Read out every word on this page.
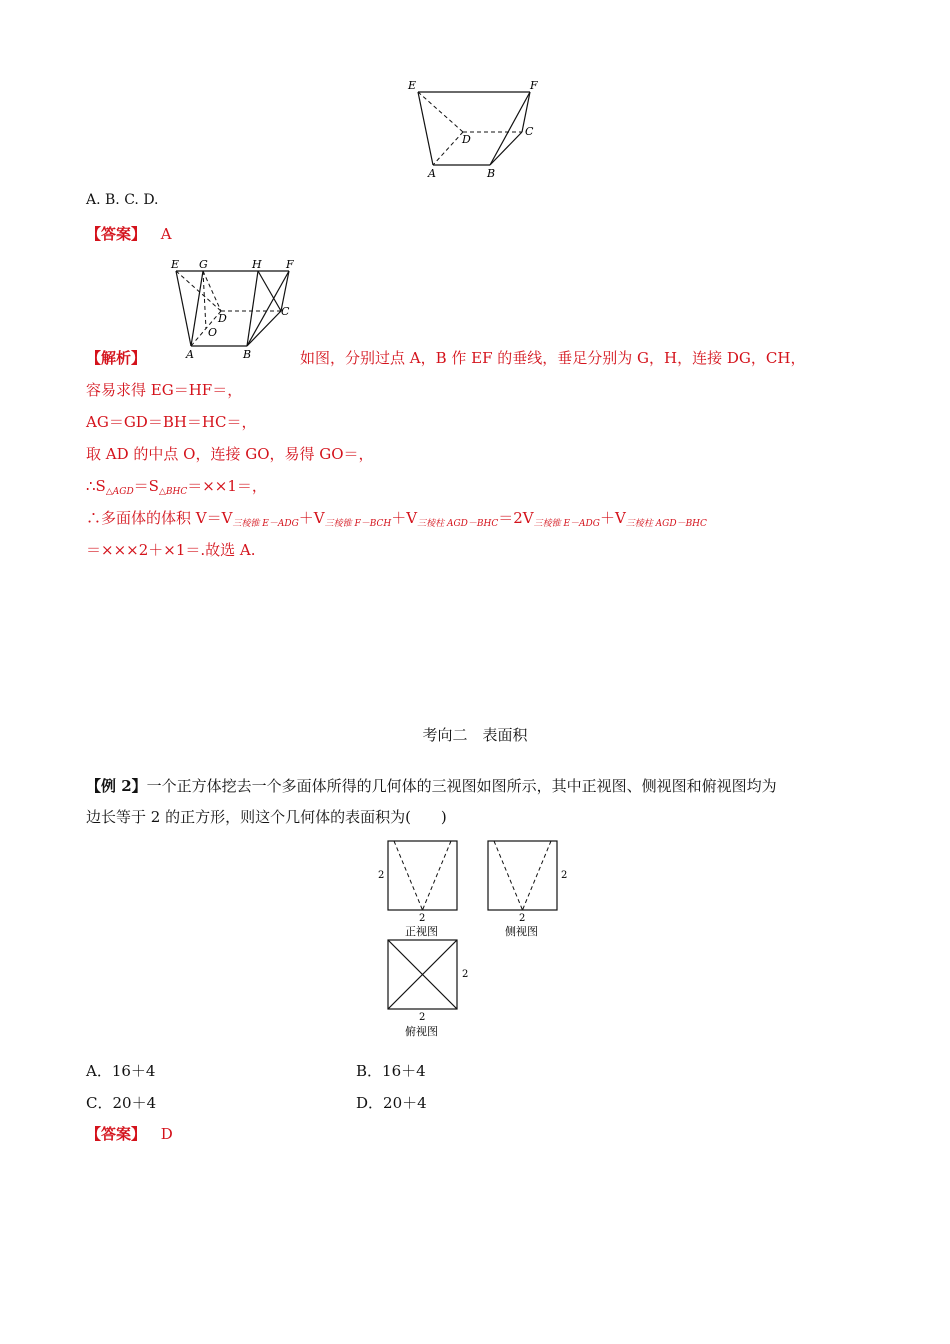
E	F
D
C
A	B
A. B. C. D.
【答案】 A
E G	H F
D
C
O
A	B
【解析】	如图，分别过点 A，B 作 EF 的垂线，垂足分别为 G，H，连接 DG，CH，
容易求得 EG＝HF＝，
AG＝GD＝BH＝HC＝，
取 AD 的中点 O，连接 GO，易得 GO＝，
$\therefore S_{\triangle AGD}=S_{\triangle BHC}=\times\times 1=$，
∴多面体的体积 $V=V_{三棱锥 E-ADG}+V_{三棱锥 F-BCH}+V_{三棱柱 AGD-BHC}=2V_{三棱锥 E-ADG}+V_{三棱柱 AGD-BHC}$
＝×××2＋×1＝.故选 A.
考向二　表面积
【例 2】一个正方体挖去一个多面体所得的几何体的三视图如图所示，其中正视图、侧视图和俯视图均为
边长等于 2 的正方形，则这个几何体的表面积为(　　)
2
2
正视图
2
2
侧视图
2
2
俯视图
A．16＋4	B．16＋4
C．20＋4	D．20＋4
【答案】 D
